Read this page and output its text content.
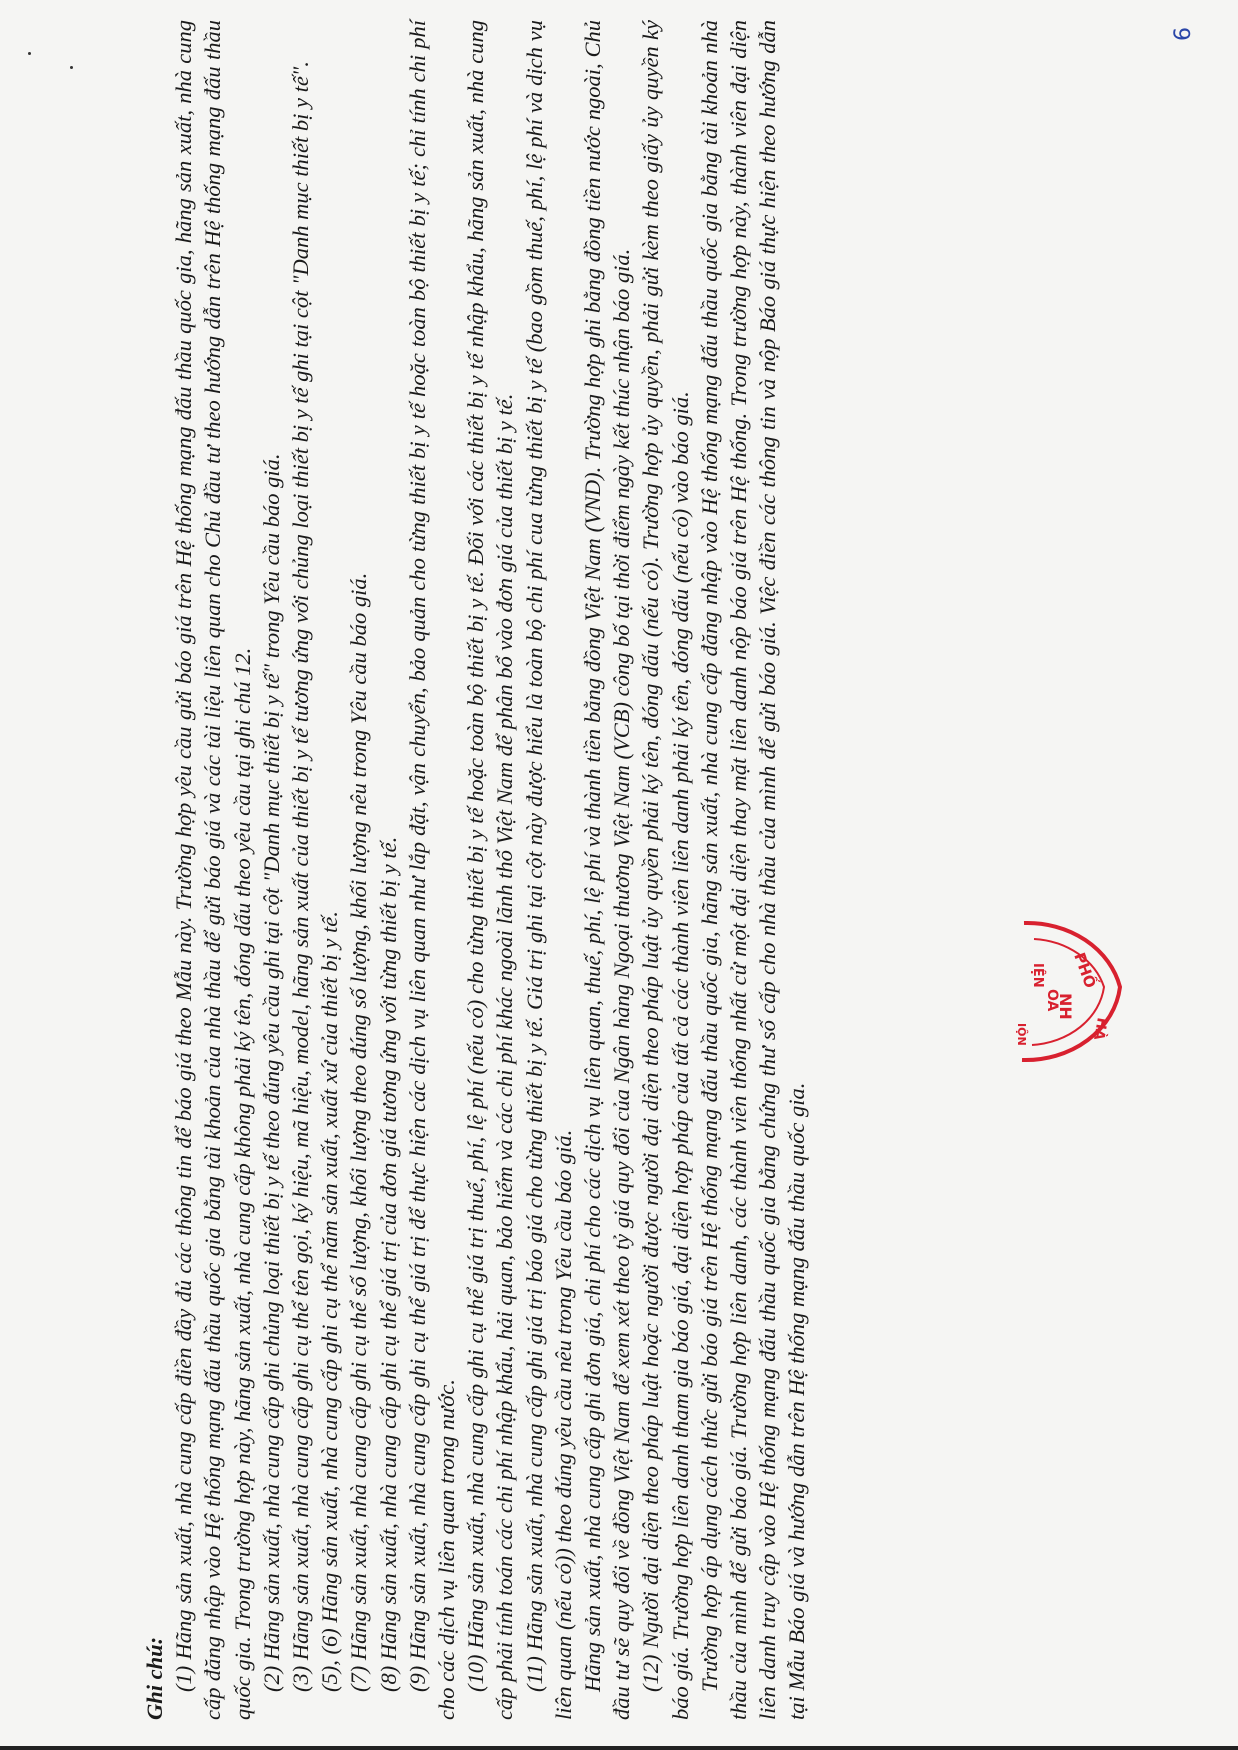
6

Ghi chú: (1) Hãng sản xuất, nhà cung cấp điền đầy đủ các thông tin để báo giá theo Mẫu này. Trường hợp yêu cầu gửi báo giá trên Hệ thống mạng đấu thầu quốc gia, hãng sản xuất, nhà cung cấp đăng nhập vào Hệ thống mạng đấu thầu quốc gia bằng tài khoản của nhà thầu để gửi báo giá và các tài liệu liên quan cho Chủ đầu tư theo hướng dẫn trên Hệ thống mạng đấu thầu quốc gia. Trong trường hợp này, hãng sản xuất, nhà cung cấp không phải ký tên, đóng dấu theo yêu cầu tại ghi chú 12. (2) Hãng sản xuất, nhà cung cấp ghi chủng loại thiết bị y tế theo đúng yêu cầu ghi tại cột "Danh mục thiết bị y tế" trong Yêu cầu báo giá. (3) Hãng sản xuất, nhà cung cấp ghi cụ thể tên gọi, ký hiệu, mã hiệu, model, hãng sản xuất của thiết bị y tế tương ứng với chủng loại thiết bị y tế ghi tại cột "Danh mục thiết bị y tế". (5), (6) Hãng sản xuất, nhà cung cấp ghi cụ thể năm sản xuất, xuất xứ của thiết bị y tế. (7) Hãng sản xuất, nhà cung cấp ghi cụ thể số lượng, khối lượng theo đúng số lượng, khối lượng nêu trong Yêu cầu báo giá. (8) Hãng sản xuất, nhà cung cấp ghi cụ thể giá trị của đơn giá tương ứng với từng thiết bị y tế. (9) Hãng sản xuất, nhà cung cấp ghi cụ thể giá trị để thực hiện các dịch vụ liên quan như lắp đặt, vận chuyển, bảo quản cho từng thiết bị y tế hoặc toàn bộ thiết bị y tế; chỉ tính chi phí cho các dịch vụ liên quan trong nước. (10) Hãng sản xuất, nhà cung cấp ghi cụ thể giá trị thuế, phí, lệ phí (nếu có) cho từng thiết bị y tế hoặc toàn bộ thiết bị y tế. Đối với các thiết bị y tế nhập khẩu, hãng sản xuất, nhà cung cấp phải tính toán các chi phí nhập khẩu, hải quan, bảo hiểm và các chi phí khác ngoài lãnh thổ Việt Nam để phân bổ vào đơn giá của thiết bị y tế. (11) Hãng sản xuất, nhà cung cấp ghi giá trị báo giá cho từng thiết bị y tế. Giá trị ghi tại cột này được hiểu là toàn bộ chi phí cua từng thiết bị y tế (bao gồm thuế, phí, lệ phí và dịch vụ liên quan (nếu có)) theo đúng yêu cầu nêu trong Yêu cầu báo giá. Hãng sản xuất, nhà cung cấp ghi đơn giá, chi phí cho các dịch vụ liên quan, thuế, phí, lệ phí và thành tiền bằng đồng Việt Nam (VND). Trường hợp ghi bằng đồng tiền nước ngoài, Chủ đầu tư sẽ quy đổi về đồng Việt Nam để xem xét theo tỷ giá quy đổi của Ngân hàng Ngoại thương Việt Nam (VCB) công bố tại thời điểm ngày kết thúc nhận báo giá. (12) Người đại diện theo pháp luật hoặc người được người đại diện theo pháp luật ủy quyền phải ký tên, đóng dấu (nếu có). Trường hợp ủy quyền, phải gửi kèm theo giấy ủy quyền ký báo giá. Trường hợp liên danh tham gia báo giá, đại diện hợp pháp của tất cả các thành viên liên danh phải ký tên, đóng dấu (nếu có) vào báo giá. Trường hợp áp dụng cách thức gửi báo giá trên Hệ thống mạng đấu thầu quốc gia, hãng sản xuất, nhà cung cấp đăng nhập vào Hệ thống mạng đấu thầu quốc gia bằng tài khoản nhà thầu của mình để gửi báo giá. Trường hợp liên danh, các thành viên thống nhất cử một đại diện thay mặt liên danh nộp báo giá trên Hệ thống. Trong trường hợp này, thành viên đại diện liên danh truy cập vào Hệ thống mạng đấu thầu quốc gia bằng chứng thư số cấp cho nhà thầu của mình để gửi báo giá. Việc điền các thông tin và nộp Báo giá thực hiện theo hướng dẫn tại Mẫu Báo giá và hướng dẫn trên Hệ thống mạng đấu thầu quốc gia.

PHỐ
HÀ
IỆN
OA
NH
IỘN
